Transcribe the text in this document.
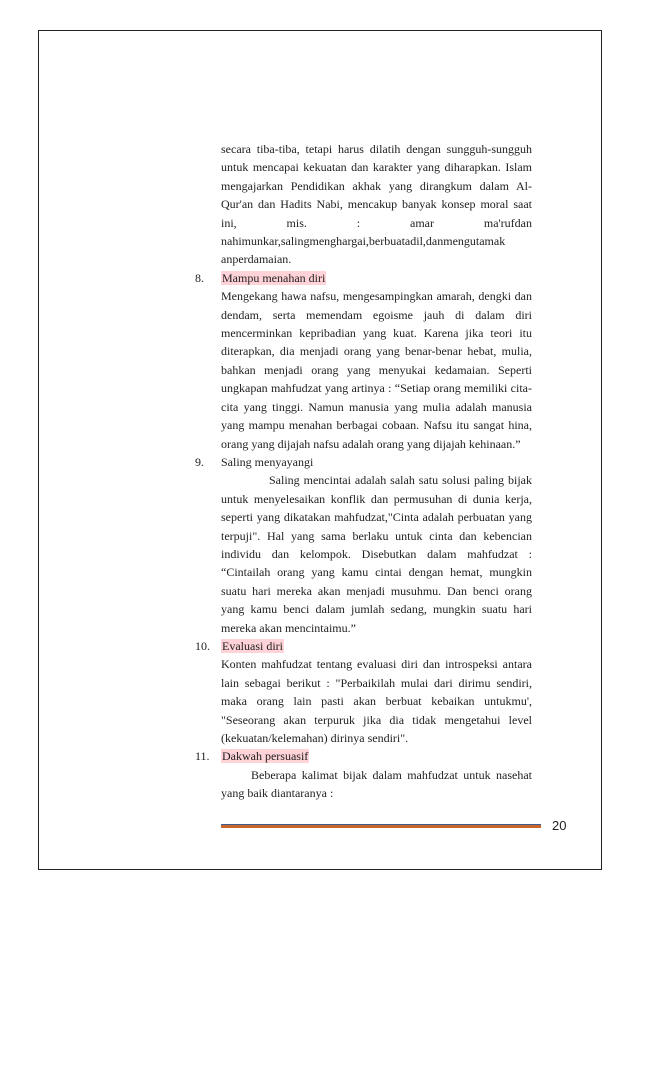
20

secara tiba-tiba, tetapi harus dilatih dengan sungguh-sungguh untuk mencapai kekuatan dan karakter yang diharapkan. Islam mengajarkan Pendidikan akhak yang dirangkum dalam Al-Qur'an dan Hadits Nabi, mencakup banyak konsep moral saat ini, mis. : amar ma'rufdan nahimunkar,salingmenghargai,berbuatadil,danmengutamak anperdamaian.

8. Mampu menahan diri

Mengekang hawa nafsu, mengesampingkan amarah, dengki dan dendam, serta memendam egoisme jauh di dalam diri mencerminkan kepribadian yang kuat. Karena jika teori itu diterapkan, dia menjadi orang yang benar-benar hebat, mulia, bahkan menjadi orang yang menyukai kedamaian. Seperti ungkapan mahfudzat yang artinya : “Setiap orang memiliki cita-cita yang tinggi. Namun manusia yang mulia adalah manusia yang mampu menahan berbagai cobaan. Nafsu itu sangat hina, orang yang dijajah nafsu adalah orang yang dijajah kehinaan.”

9. Saling menyayangi

Saling mencintai adalah salah satu solusi paling bijak untuk menyelesaikan konflik dan permusuhan di dunia kerja, seperti yang dikatakan mahfudzat,"Cinta adalah perbuatan yang terpuji". Hal yang sama berlaku untuk cinta dan kebencian individu dan kelompok. Disebutkan dalam mahfudzat : “Cintailah orang yang kamu cintai dengan hemat, mungkin suatu hari mereka akan menjadi musuhmu. Dan benci orang yang kamu benci dalam jumlah sedang, mungkin suatu hari mereka akan mencintaimu.”

10. Evaluasi diri

Konten mahfudzat tentang evaluasi diri dan introspeksi antara lain sebagai berikut : "Perbaikilah mulai dari dirimu sendiri, maka orang lain pasti akan berbuat kebaikan untukmu', "Seseorang akan terpuruk jika dia tidak mengetahui level (kekuatan/kelemahan) dirinya sendiri".

11. Dakwah persuasif

Beberapa kalimat bijak dalam mahfudzat untuk nasehat yang baik diantaranya :
